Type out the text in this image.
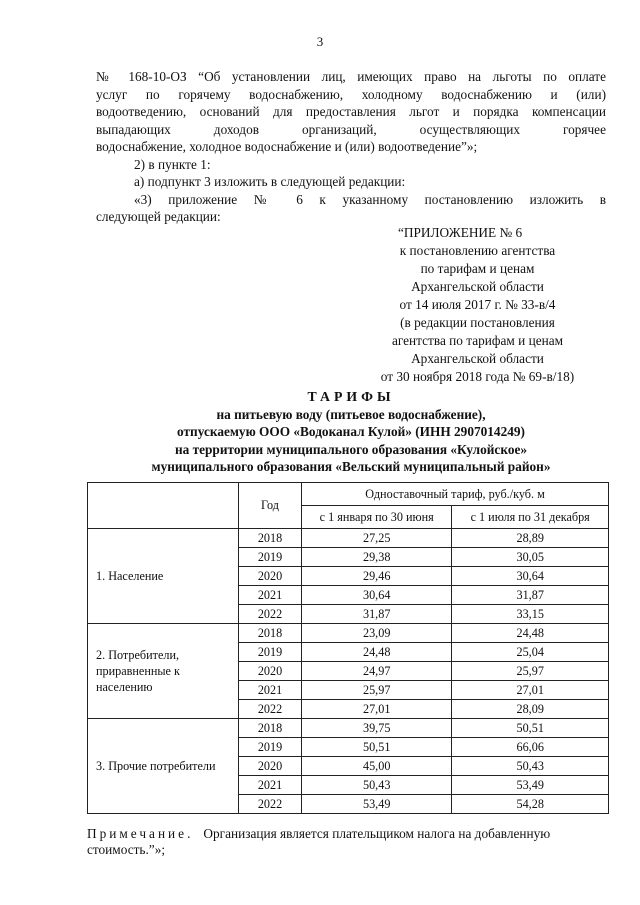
3
№ 168-10-ОЗ “Об установлении лиц, имеющих право на льготы по оплате
услуг по горячему водоснабжению, холодному водоснабжению и (или)
водоотведению, оснований для предоставления льгот и порядка компенсации
выпадающих доходов организаций, осуществляющих горячее
водоснабжение, холодное водоснабжение и (или) водоотведение”»;
2) в пункте 1:
а) подпункт 3 изложить в следующей редакции:
«3) приложение № 6 к указанному постановлению изложить в
следующей редакции:
“ПРИЛОЖЕНИЕ № 6
к постановлению агентства
по тарифам и ценам
Архангельской области
от 14 июля 2017 г. № 33-в/4
(в редакции постановления
агентства по тарифам и ценам
Архангельской области
от 30 ноября 2018 года № 69-в/18)
ТАРИФЫ
на питьевую воду (питьевое водоснабжение),
отпускаемую ООО «Водоканал Кулой» (ИНН 2907014249)
на территории муниципального образования «Кулойское»
муниципального образования «Вельский муниципальный район»
	Год	Одноставочный тариф, руб./куб. м	
		с 1 января по 30 июня	с 1 июля по 31 декабря
1. Население	2018	27,25	28,89
	2019	29,38	30,05
	2020	29,46	30,64
	2021	30,64	31,87
	2022	31,87	33,15
2. Потребители, приравненные к населению	2018	23,09	24,48
	2019	24,48	25,04
	2020	24,97	25,97
	2021	25,97	27,01
	2022	27,01	28,09
3. Прочие потребители	2018	39,75	50,51
	2019	50,51	66,06
	2020	45,00	50,43
	2021	50,43	53,49
	2022	53,49	54,28
Примечание. Организация является плательщиком налога на добавленную стоимость.”»;
